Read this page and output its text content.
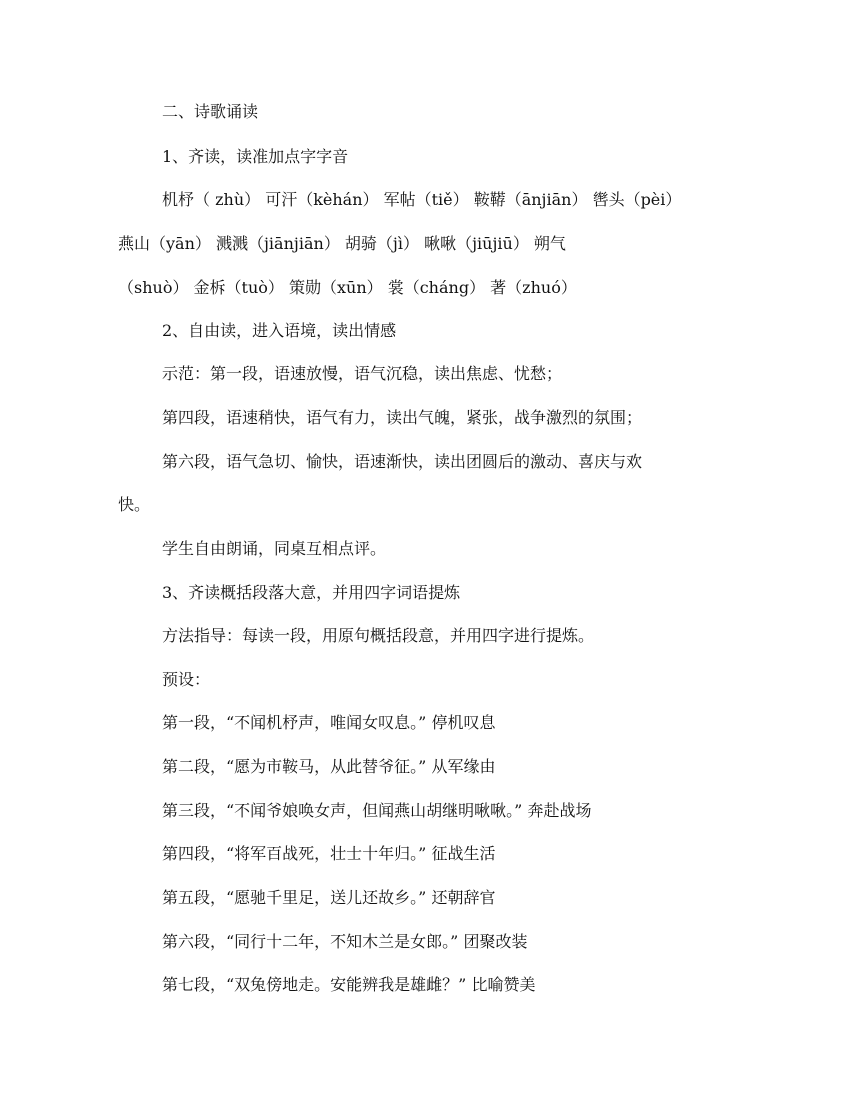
二、诗歌诵读
1、齐读，读准加点字字音
机杼（ zhù） 可汗（kèhán） 军帖（tiě） 鞍鞯（ānjiān） 辔头（pèi）
燕山（yān） 溅溅（jiānjiān） 胡骑（jì） 啾啾（jiūjiū） 朔气
（shuò） 金柝（tuò） 策勋（xūn） 裳（cháng） 著（zhuó）
2、自由读，进入语境，读出情感
示范：第一段，语速放慢，语气沉稳，读出焦虑、忧愁；
第四段，语速稍快，语气有力，读出气魄，紧张，战争激烈的氛围；
第六段，语气急切、愉快，语速渐快，读出团圆后的激动、喜庆与欢
快。
学生自由朗诵，同桌互相点评。
3、齐读概括段落大意，并用四字词语提炼
方法指导：每读一段，用原句概括段意，并用四字进行提炼。
预设：
第一段，“不闻机杼声，唯闻女叹息。” 停机叹息
第二段，“愿为市鞍马，从此替爷征。” 从军缘由
第三段，“不闻爷娘唤女声，但闻燕山胡继明啾啾。” 奔赴战场
第四段，“将军百战死，壮士十年归。” 征战生活
第五段，“愿驰千里足，送儿还故乡。” 还朝辞官
第六段，“同行十二年，不知木兰是女郎。” 团聚改装
第七段，“双兔傍地走。安能辨我是雄雌？” 比喻赞美
